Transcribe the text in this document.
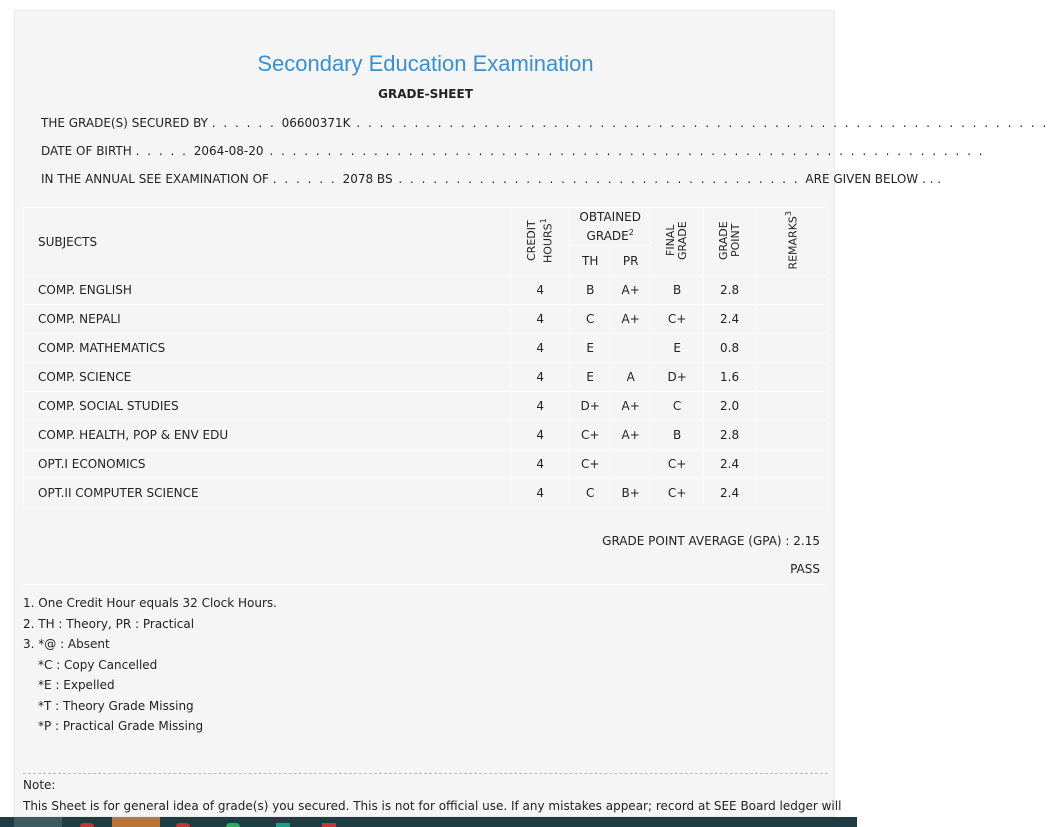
Secondary Education Examination
GRADE-SHEET
THE GRADE(S) SECURED BY . . . . . . 06600371K . . . . . . . . . . . . . . . . . . . . . . . . . . . . . . . . . . . . . . . . . . . . . . . . . . . . . . . . . . . .
DATE OF BIRTH . . . . . 2064-08-20 . . . . . . . . . . . . . . . . . . . . . . . . . . . . . . . . . . . . . . . . . . . . . . . . . . . . . . . . . . . . . .
IN THE ANNUAL SEE EXAMINATION OF . . . . . . 2078 BS . . . . . . . . . . . . . . . . . . . . . . . . . . . . . . . . . . . ARE GIVEN BELOW . . .
SUBJECTS	CREDIT HOURS$^1$	OBTAINED GRADE$^2$		FINAL GRADE	GRADE POINT	REMARKS$^3$
		TH	PR			
COMP. ENGLISH	4	B	A+	B	2.8	
COMP. NEPALI	4	C	A+	C+	2.4	
COMP. MATHEMATICS	4	E		E	0.8	
COMP. SCIENCE	4	E	A	D+	1.6	
COMP. SOCIAL STUDIES	4	D+	A+	C	2.0	
COMP. HEALTH, POP & ENV EDU	4	C+	A+	B	2.8	
OPT.I ECONOMICS	4	C+		C+	2.4	
OPT.II COMPUTER SCIENCE	4	C	B+	C+	2.4	
GRADE POINT AVERAGE (GPA) : 2.15
PASS
1. One Credit Hour equals 32 Clock Hours.
2. TH : Theory, PR : Practical
3. *@ : Absent
*C : Copy Cancelled
*E : Expelled
*T : Theory Grade Missing
*P : Practical Grade Missing
Note:
This Sheet is for general idea of grade(s) you secured. This is not for official use. If any mistakes appear; record at SEE Board ledger will
